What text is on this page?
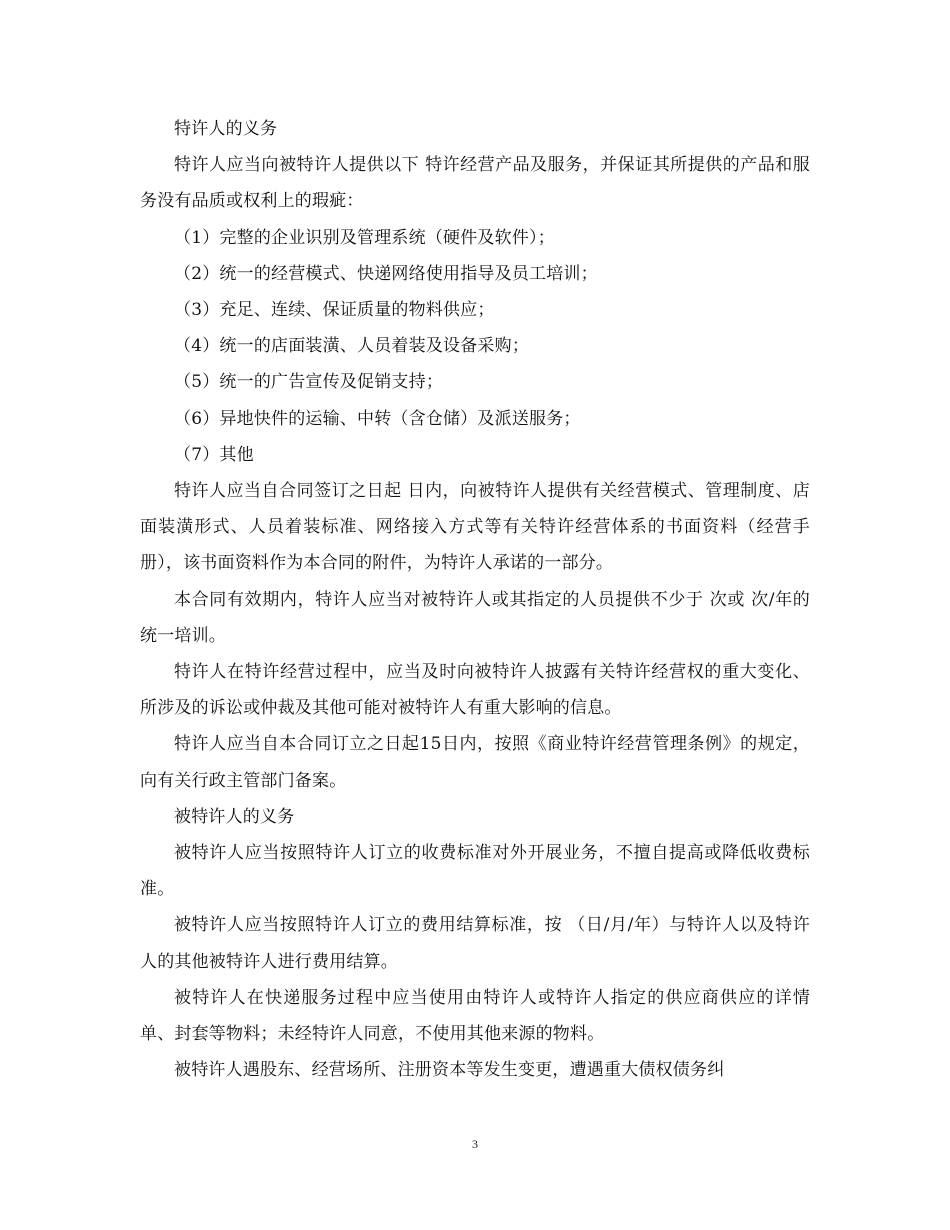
特许人的义务

特许人应当向被特许人提供以下 特许经营产品及服务，并保证其所提供的产品和服务没有品质或权利上的瑕疵：

（1）完整的企业识别及管理系统（硬件及软件）；

（2）统一的经营模式、快递网络使用指导及员工培训；

（3）充足、连续、保证质量的物料供应；

（4）统一的店面装潢、人员着装及设备采购；

（5）统一的广告宣传及促销支持；

（6）异地快件的运输、中转（含仓储）及派送服务；

（7）其他

特许人应当自合同签订之日起 日内，向被特许人提供有关经营模式、管理制度、店面装潢形式、人员着装标准、网络接入方式等有关特许经营体系的书面资料（经营手册），该书面资料作为本合同的附件，为特许人承诺的一部分。

本合同有效期内，特许人应当对被特许人或其指定的人员提供不少于 次或 次/年的统一培训。

特许人在特许经营过程中，应当及时向被特许人披露有关特许经营权的重大变化、所涉及的诉讼或仲裁及其他可能对被特许人有重大影响的信息。

特许人应当自本合同订立之日起15日内，按照《商业特许经营管理条例》的规定，向有关行政主管部门备案。

被特许人的义务

被特许人应当按照特许人订立的收费标准对外开展业务，不擅自提高或降低收费标准。

被特许人应当按照特许人订立的费用结算标准，按 （日/月/年）与特许人以及特许人的其他被特许人进行费用结算。

被特许人在快递服务过程中应当使用由特许人或特许人指定的供应商供应的详情单、封套等物料；未经特许人同意，不使用其他来源的物料。

被特许人遇股东、经营场所、注册资本等发生变更，遭遇重大债权债务纠

3
